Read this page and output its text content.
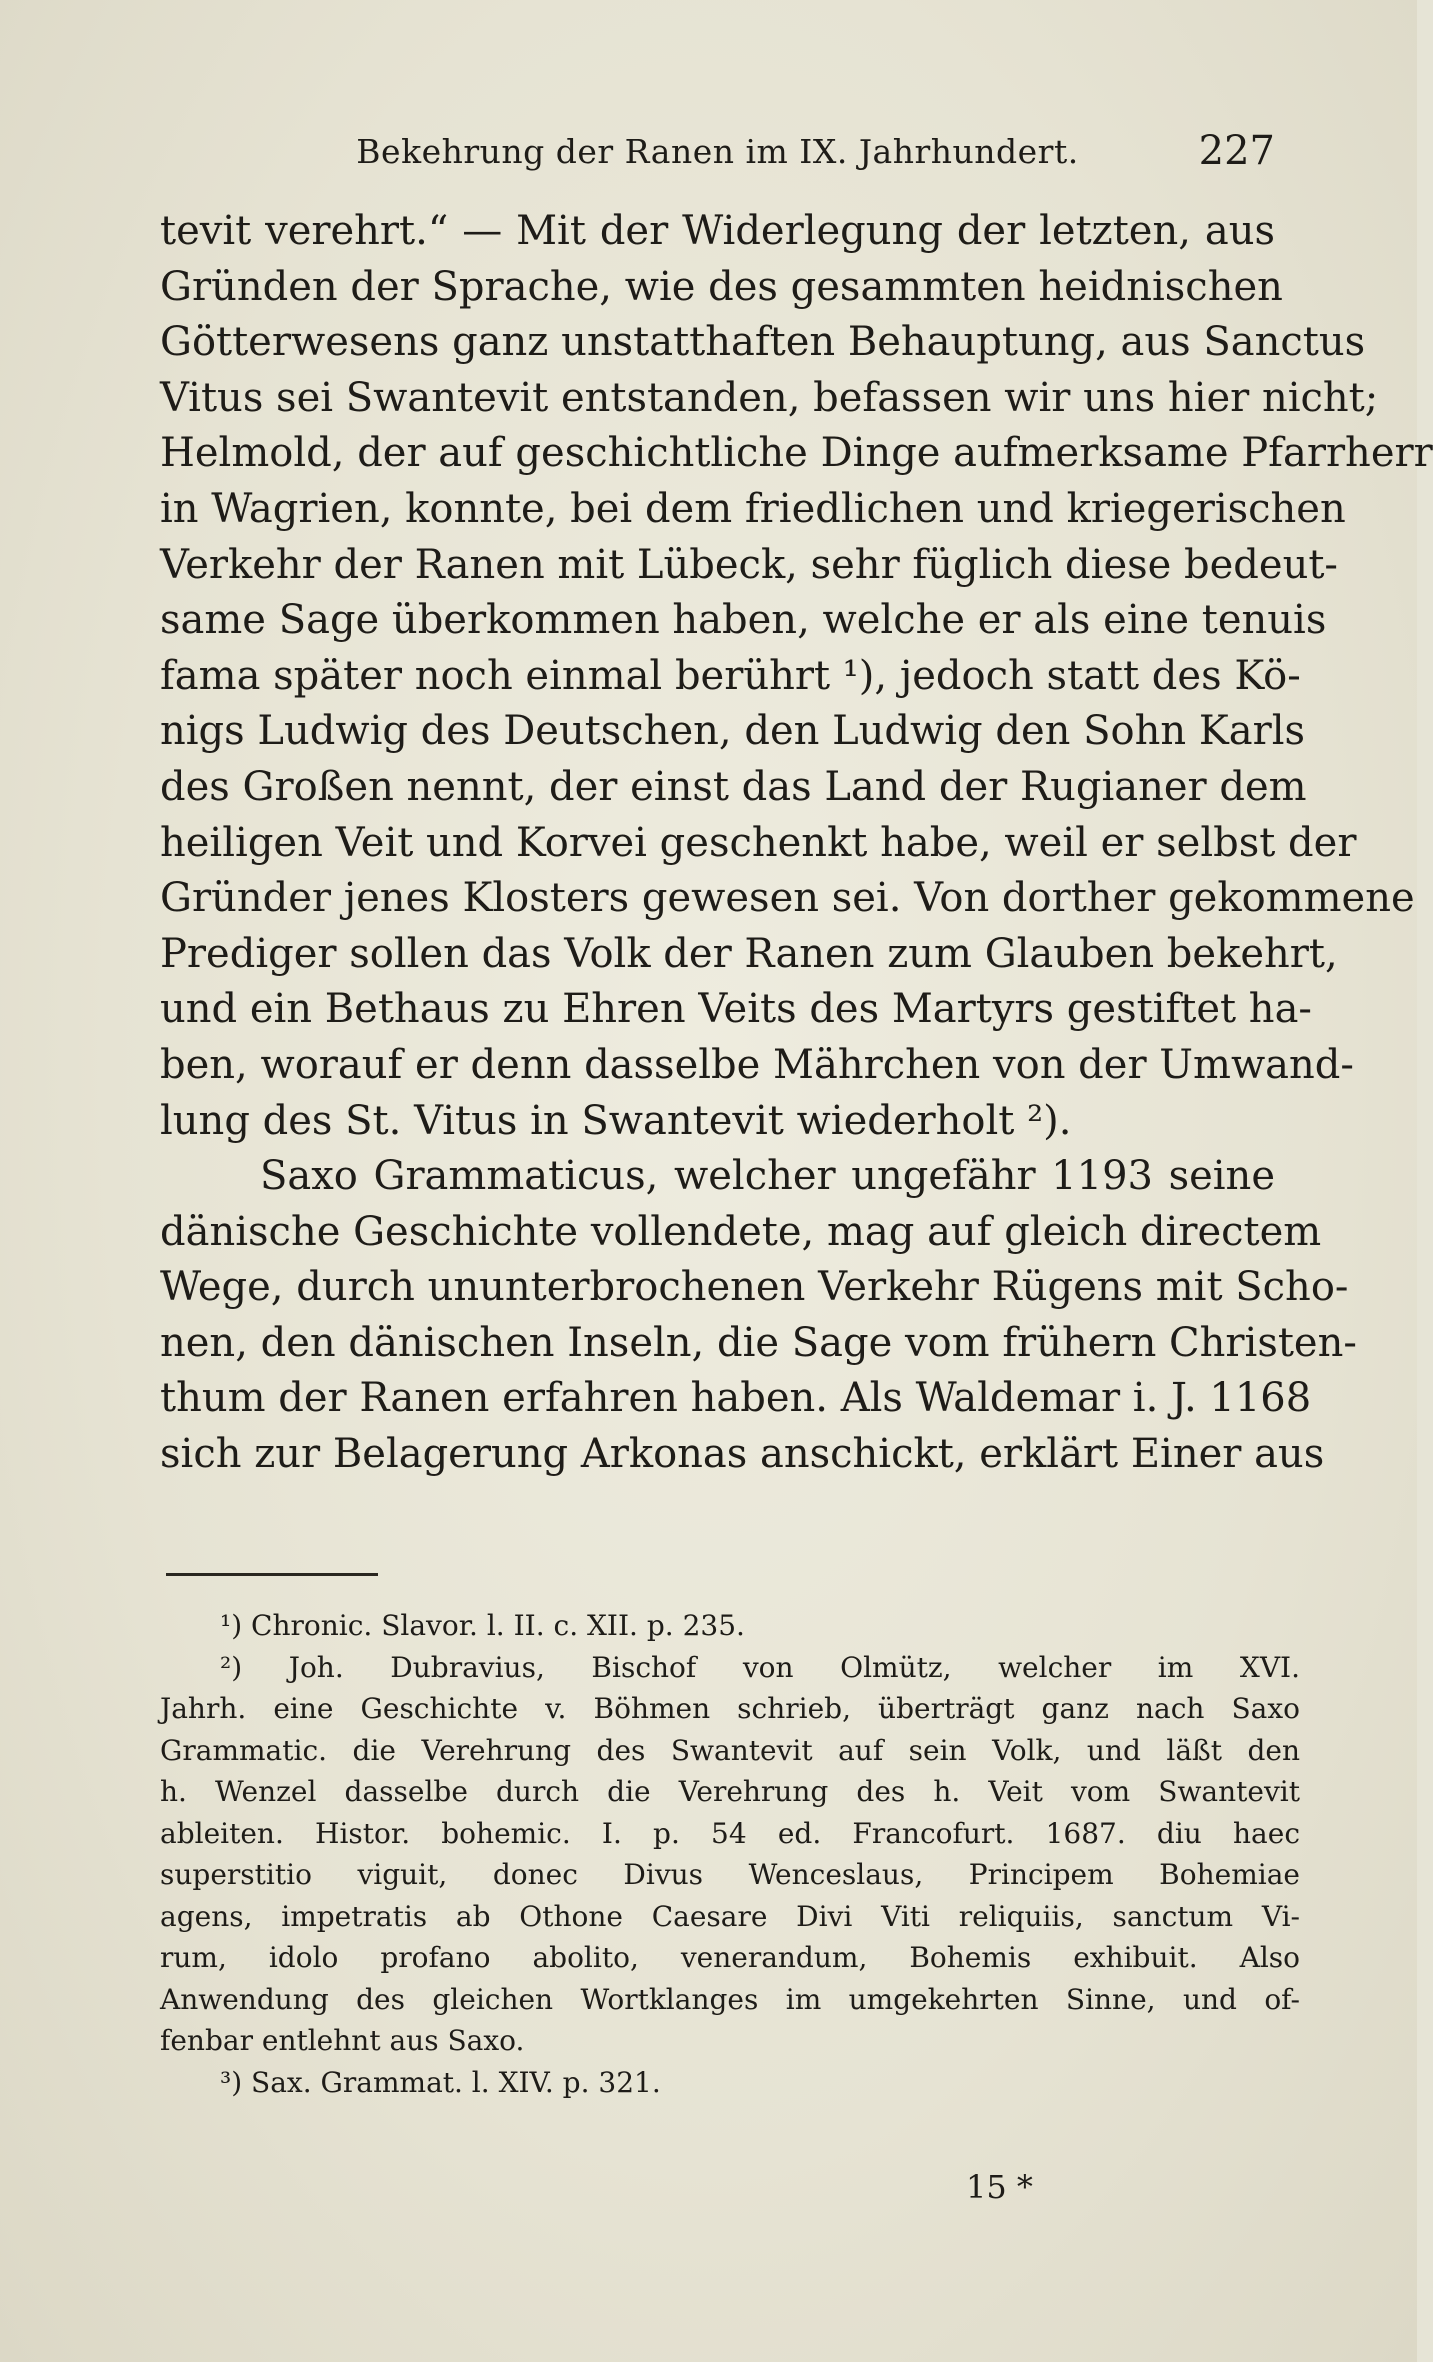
Bekehrung der Ranen im IX. Jahrhundert.	227
tevit verehrt.“ — Mit der Widerlegung der letzten, aus
Gründen der Sprache, wie des gesammten heidnischen
Götterwesens ganz unstatthaften Behauptung, aus Sanctus
Vitus sei Swantevit entstanden, befassen wir uns hier nicht;
Helmold, der auf geschichtliche Dinge aufmerksame Pfarrherr
in Wagrien, konnte, bei dem friedlichen und kriegerischen
Verkehr der Ranen mit Lübeck, sehr füglich diese bedeut-
same Sage überkommen haben, welche er als eine tenuis
fama später noch einmal berührt ¹), jedoch statt des Kö-
nigs Ludwig des Deutschen, den Ludwig den Sohn Karls
des Großen nennt, der einst das Land der Rugianer dem
heiligen Veit und Korvei geschenkt habe, weil er selbst der
Gründer jenes Klosters gewesen sei. Von dorther gekommene
Prediger sollen das Volk der Ranen zum Glauben bekehrt,
und ein Bethaus zu Ehren Veits des Martyrs gestiftet ha-
ben, worauf er denn dasselbe Mährchen von der Umwand-
lung des St. Vitus in Swantevit wiederholt ²).
Saxo Grammaticus, welcher ungefähr 1193 seine
dänische Geschichte vollendete, mag auf gleich directem
Wege, durch ununterbrochenen Verkehr Rügens mit Scho-
nen, den dänischen Inseln, die Sage vom frühern Christen-
thum der Ranen erfahren haben. Als Waldemar i. J. 1168
sich zur Belagerung Arkonas anschickt, erklärt Einer aus
¹) Chronic. Slavor. l. II. c. XII. p. 235.
²) Joh. Dubravius, Bischof von Olmütz, welcher im XVI.
Jahrh. eine Geschichte v. Böhmen schrieb, überträgt ganz nach Saxo
Grammatic. die Verehrung des Swantevit auf sein Volk, und läßt den
h. Wenzel dasselbe durch die Verehrung des h. Veit vom Swantevit
ableiten. Histor. bohemic. I. p. 54 ed. Francofurt. 1687. diu haec
superstitio viguit, donec Divus Wenceslaus, Principem Bohemiae
agens, impetratis ab Othone Caesare Divi Viti reliquiis, sanctum Vi-
rum, idolo profano abolito, venerandum, Bohemis exhibuit. Also
Anwendung des gleichen Wortklanges im umgekehrten Sinne, und of-
fenbar entlehnt aus Saxo.
³) Sax. Grammat. l. XIV. p. 321.
15 *
